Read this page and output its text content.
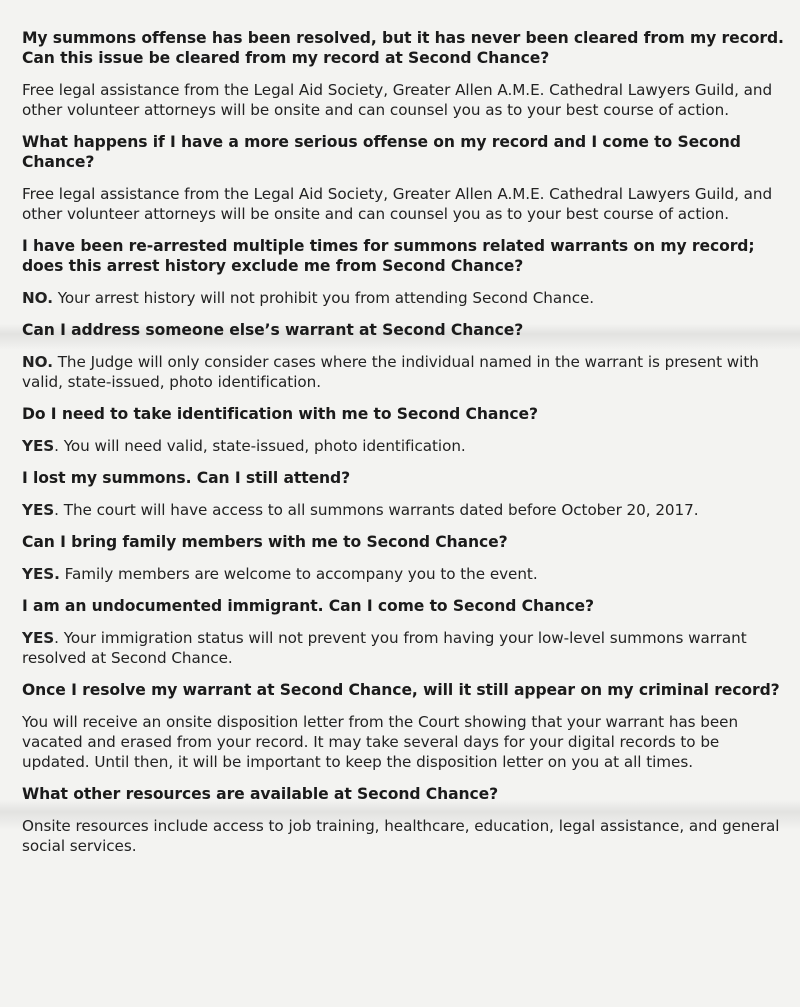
My summons offense has been resolved, but it has never been cleared from my record. Can this issue be cleared from my record at Second Chance?

Free legal assistance from the Legal Aid Society, Greater Allen A.M.E. Cathedral Lawyers Guild, and other volunteer attorneys will be onsite and can counsel you as to your best course of action.

What happens if I have a more serious offense on my record and I come to Second Chance?

Free legal assistance from the Legal Aid Society, Greater Allen A.M.E. Cathedral Lawyers Guild, and other volunteer attorneys will be onsite and can counsel you as to your best course of action.

I have been re-arrested multiple times for summons related warrants on my record; does this arrest history exclude me from Second Chance?

NO. Your arrest history will not prohibit you from attending Second Chance.

Can I address someone else’s warrant at Second Chance?

NO. The Judge will only consider cases where the individual named in the warrant is present with valid, state-issued, photo identification.

Do I need to take identification with me to Second Chance?

YES. You will need valid, state-issued, photo identification.

I lost my summons. Can I still attend?

YES. The court will have access to all summons warrants dated before October 20, 2017.

Can I bring family members with me to Second Chance?

YES. Family members are welcome to accompany you to the event.

I am an undocumented immigrant. Can I come to Second Chance?

YES. Your immigration status will not prevent you from having your low-level summons warrant resolved at Second Chance.

Once I resolve my warrant at Second Chance, will it still appear on my criminal record?

You will receive an onsite disposition letter from the Court showing that your warrant has been vacated and erased from your record. It may take several days for your digital records to be updated. Until then, it will be important to keep the disposition letter on you at all times.

What other resources are available at Second Chance?

Onsite resources include access to job training, healthcare, education, legal assistance, and general social services.
